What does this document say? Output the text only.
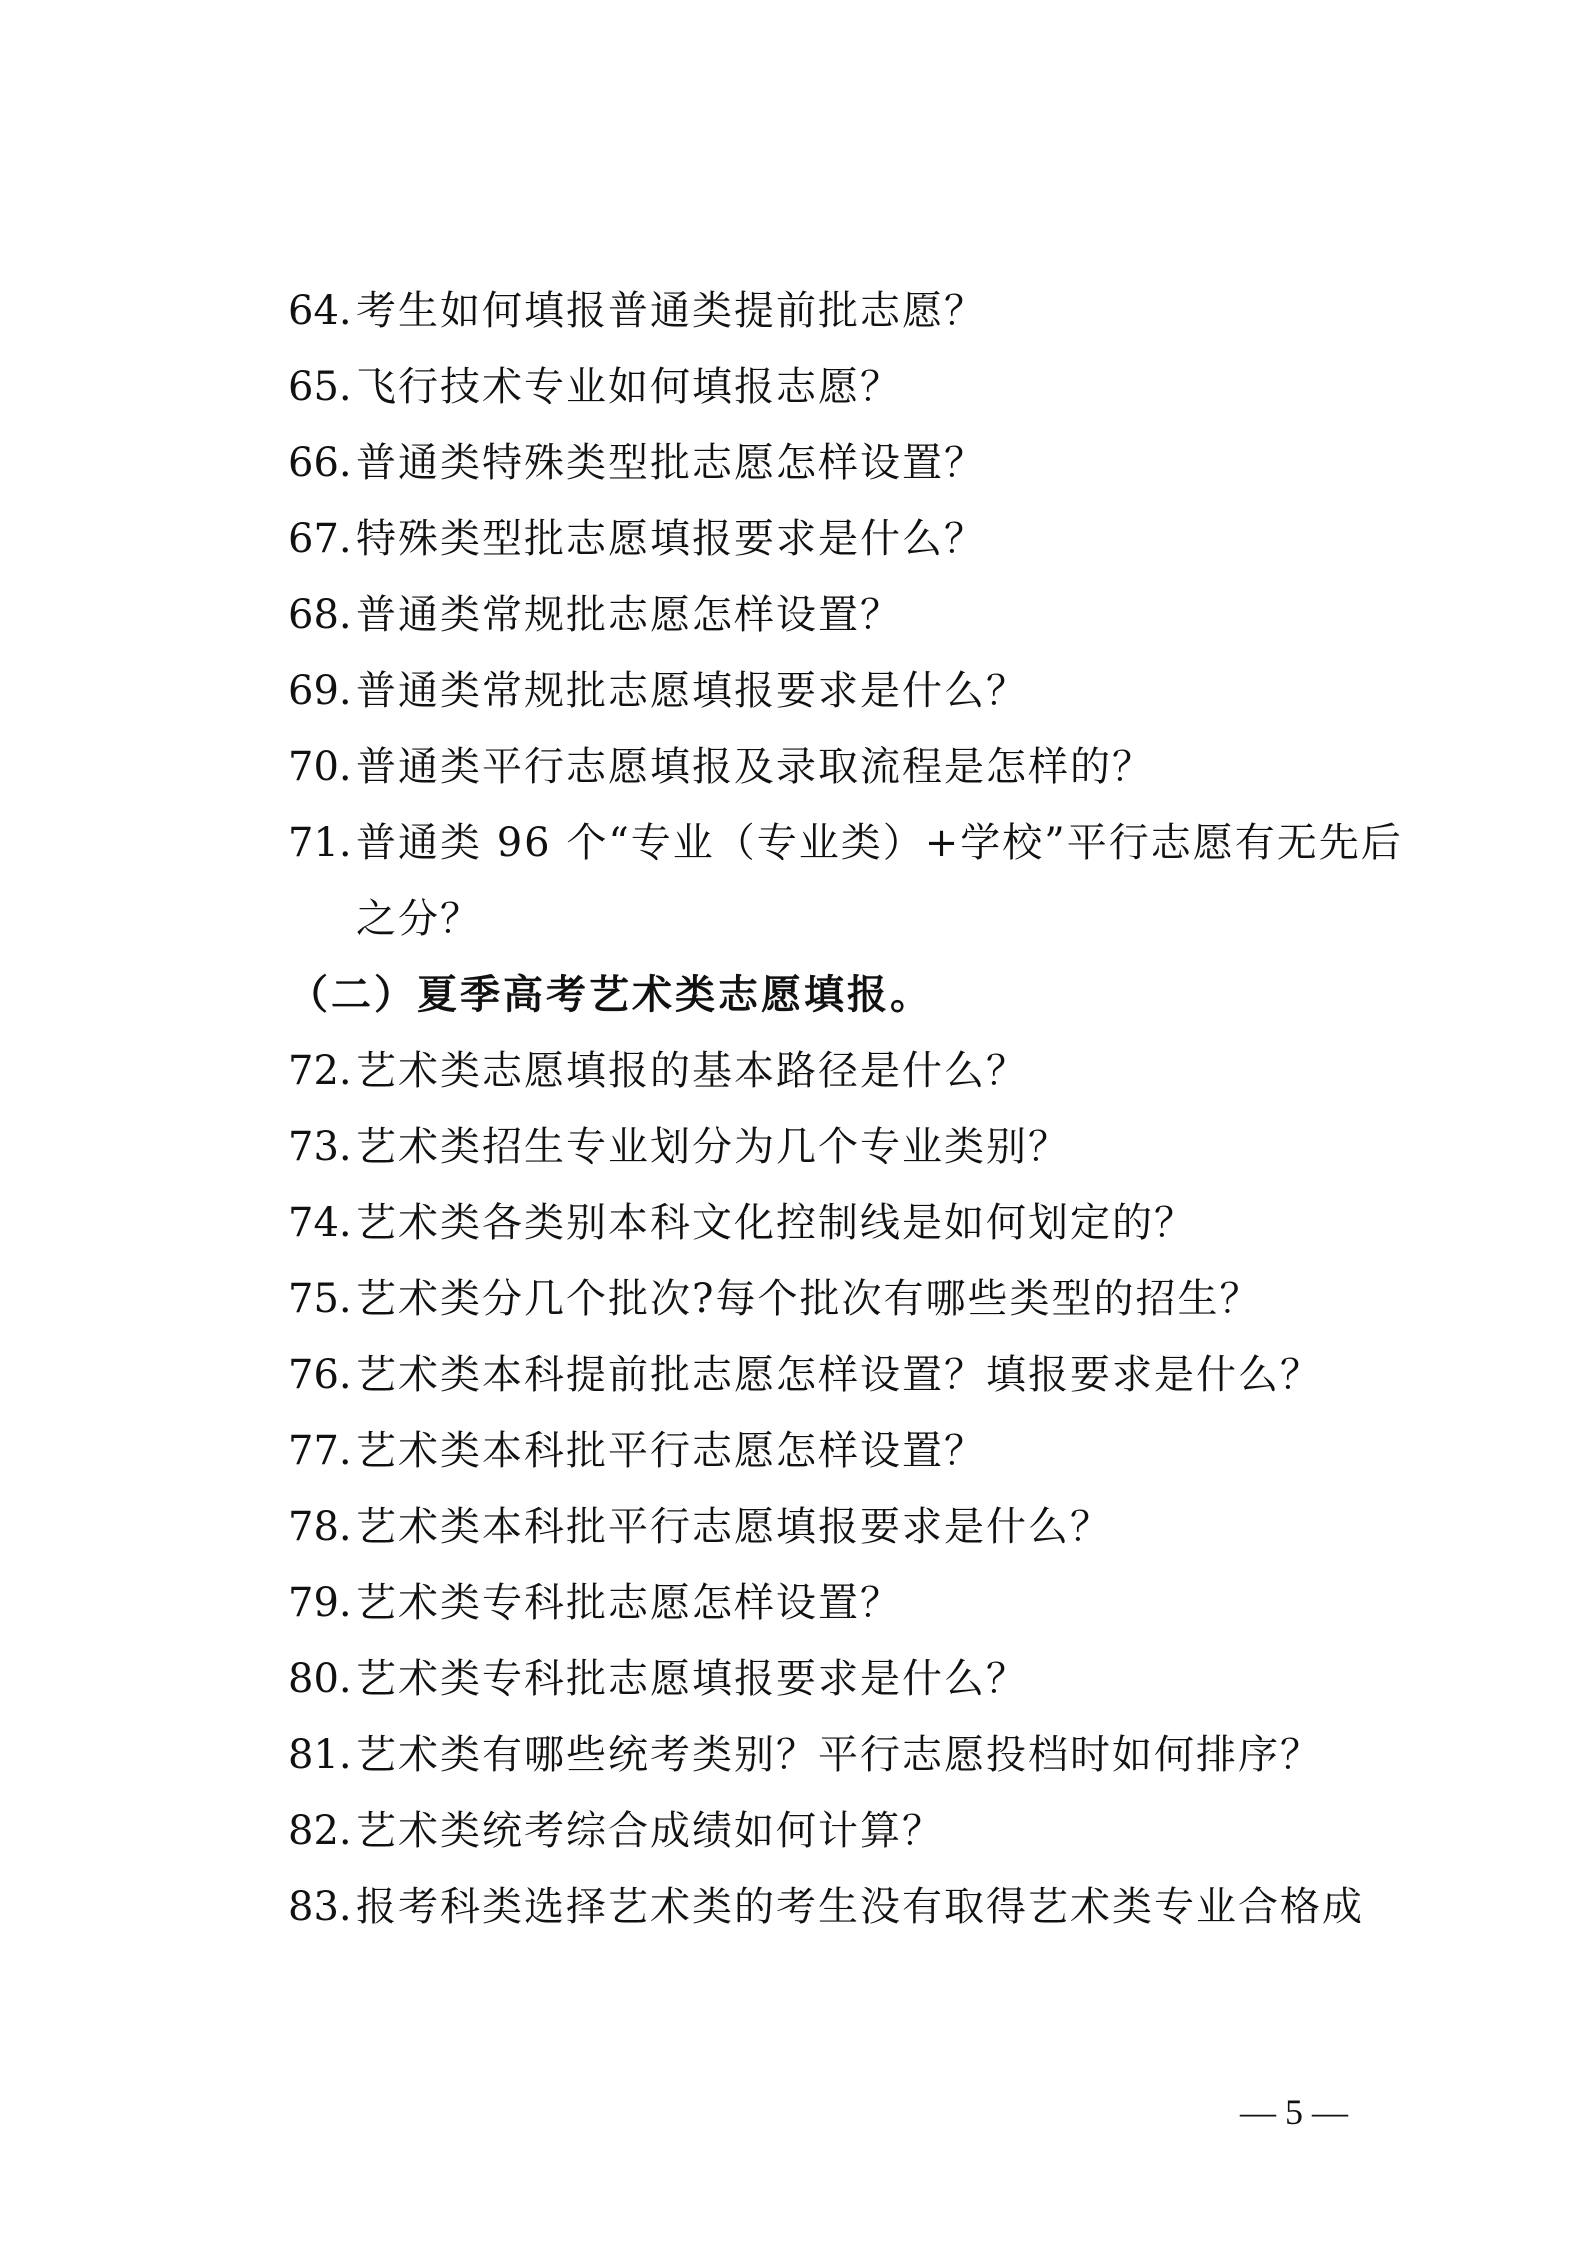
64. 考生如何填报普通类提前批志愿？
65. 飞行技术专业如何填报志愿？
66. 普通类特殊类型批志愿怎样设置？
67. 特殊类型批志愿填报要求是什么？
68. 普通类常规批志愿怎样设置？
69. 普通类常规批志愿填报要求是什么？
70. 普通类平行志愿填报及录取流程是怎样的？
71. 普通类 96 个“专业（专业类）+学校”平行志愿有无先后
之分？
（二）夏季高考艺术类志愿填报。
72. 艺术类志愿填报的基本路径是什么？
73. 艺术类招生专业划分为几个专业类别？
74. 艺术类各类别本科文化控制线是如何划定的？
75. 艺术类分几个批次?每个批次有哪些类型的招生？
76. 艺术类本科提前批志愿怎样设置？填报要求是什么？
77. 艺术类本科批平行志愿怎样设置？
78. 艺术类本科批平行志愿填报要求是什么？
79. 艺术类专科批志愿怎样设置？
80. 艺术类专科批志愿填报要求是什么？
81. 艺术类有哪些统考类别？平行志愿投档时如何排序？
82. 艺术类统考综合成绩如何计算？
83. 报考科类选择艺术类的考生没有取得艺术类专业合格成
— 5 —
